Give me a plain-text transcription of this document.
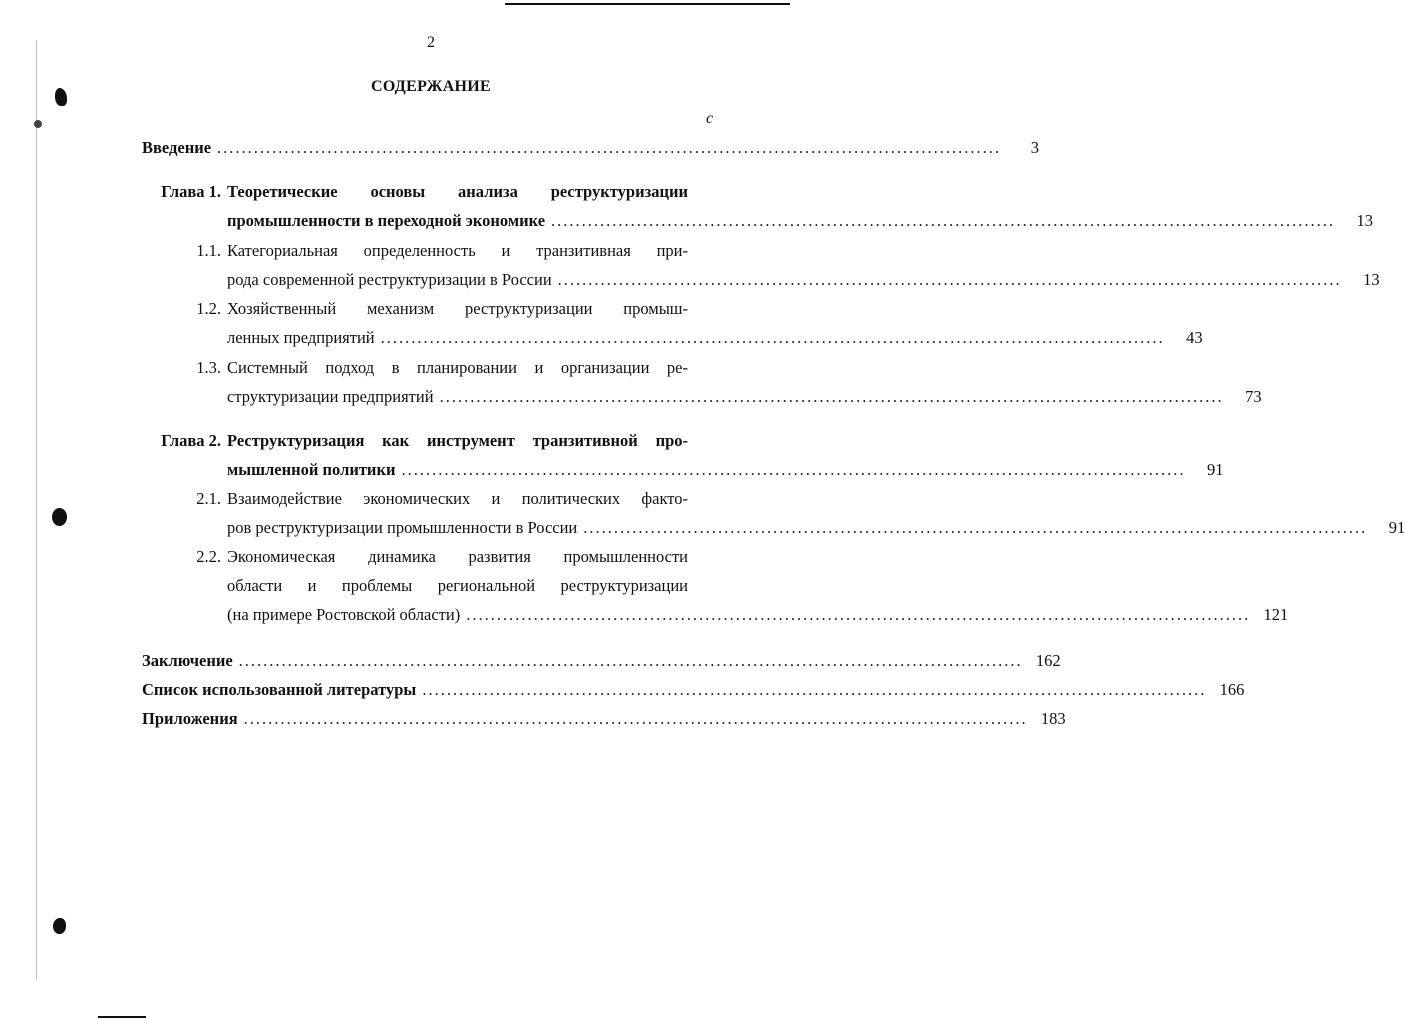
2
СОДЕРЖАНИЕ
с
Введение ................................................................................................................................	3
Глава 1. Теоретические основы анализа реструктуризации
промышленности в переходной экономике ................................................................................................................................	13
1.1. Категориальная определенность и транзитивная при-
рода современной реструктуризации в России ................................................................................................................................	13
1.2. Хозяйственный механизм реструктуризации промыш-
ленных предприятий ................................................................................................................................	43
1.3. Системный подход в планировании и организации ре-
структуризации предприятий ................................................................................................................................	73
Глава 2. Реструктуризация как инструмент транзитивной про-
мышленной политики ................................................................................................................................	91
2.1. Взаимодействие экономических и политических факто-
ров реструктуризации промышленности в России ................................................................................................................................	91
2.2. Экономическая динамика развития промышленности
области и проблемы региональной реструктуризации
(на примере Ростовской области) ................................................................................................................................ 121
Заключение ................................................................................................................................ 162
Список использованной литературы ................................................................................................................................ 166
Приложения ................................................................................................................................ 183
